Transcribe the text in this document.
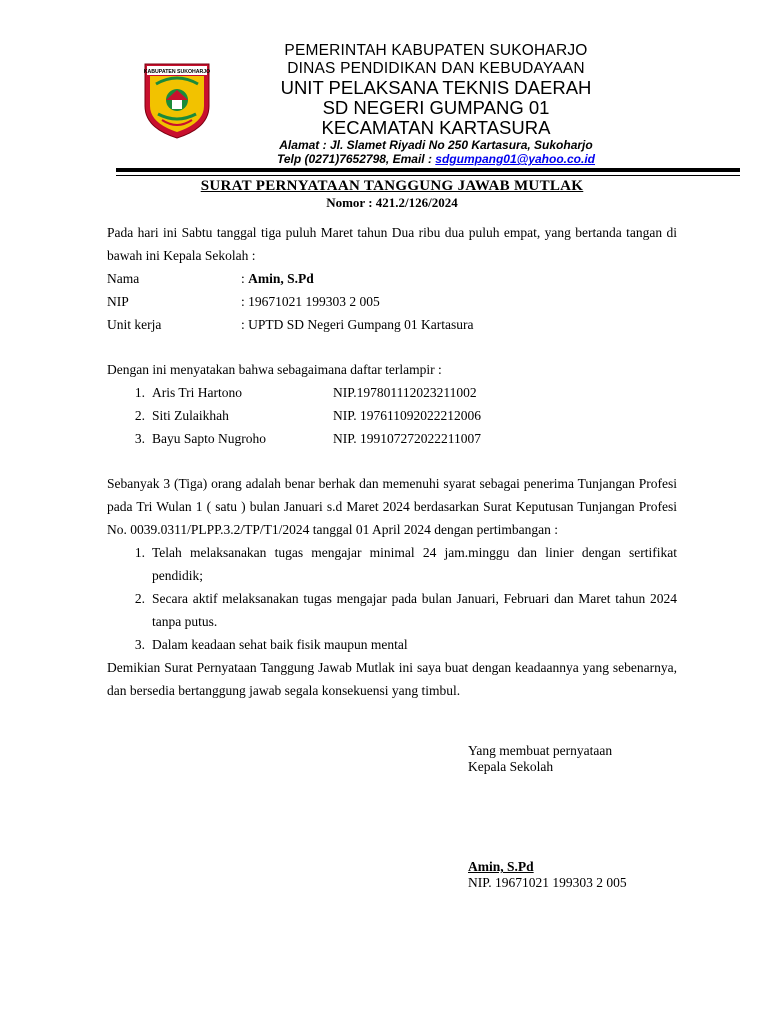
KABUPATEN SUKOHARJO
PEMERINTAH KABUPATEN SUKOHARJO
DINAS PENDIDIKAN DAN KEBUDAYAAN
UNIT PELAKSANA TEKNIS DAERAH
SD NEGERI GUMPANG 01
KECAMATAN KARTASURA
Alamat : Jl. Slamet Riyadi No 250 Kartasura, Sukoharjo
Telp (0271)7652798, Email : sdgumpang01@yahoo.co.id
SURAT PERNYATAAN TANGGUNG JAWAB MUTLAK
Nomor : 421.2/126/2024
Pada hari ini Sabtu tanggal tiga puluh Maret tahun Dua ribu dua puluh empat, yang bertanda tangan di bawah ini Kepala Sekolah :
Nama	: Amin, S.Pd
NIP	: 19671021 199303 2 005
Unit kerja	: UPTD SD Negeri Gumpang 01 Kartasura
Dengan ini menyatakan bahwa sebagaimana daftar terlampir :
1. Aris Tri Hartono	NIP.197801112023211002
2. Siti Zulaikhah	NIP. 197611092022212006
3. Bayu Sapto Nugroho	NIP. 199107272022211007
Sebanyak 3 (Tiga) orang adalah benar berhak dan memenuhi syarat sebagai penerima Tunjangan Profesi pada Tri Wulan 1 ( satu ) bulan Januari s.d Maret 2024 berdasarkan Surat Keputusan Tunjangan Profesi No. 0039.0311/PLPP.3.2/TP/T1/2024 tanggal 01 April 2024 dengan pertimbangan :
1. Telah melaksanakan tugas mengajar minimal 24 jam.minggu dan linier dengan sertifikat pendidik;
2. Secara aktif melaksanakan tugas mengajar pada bulan Januari, Februari dan Maret tahun 2024 tanpa putus.
3. Dalam keadaan sehat baik fisik maupun mental
Demikian Surat Pernyataan Tanggung Jawab Mutlak ini saya buat dengan keadaannya yang sebenarnya, dan bersedia bertanggung jawab segala konsekuensi yang timbul.
Yang membuat pernyataan
Kepala Sekolah
Amin, S.Pd
NIP. 19671021 199303 2 005
